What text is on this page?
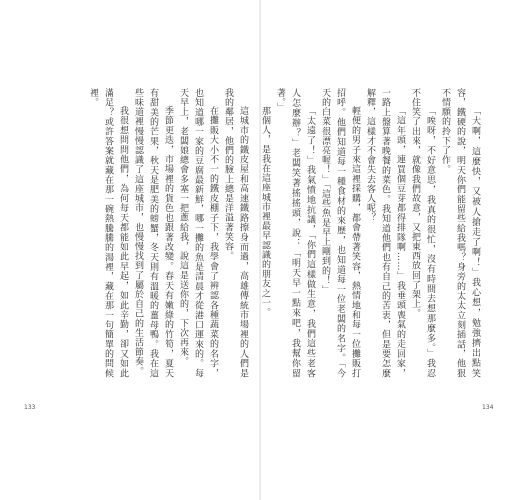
這城市的鐵皮屋和高速鐵路擦身而過，高雄傳統市場裡的人們是我的鄰居，他們的臉上總是洋溢著笑容。

在攤販大小不一的鐵皮棚子下，我學會了辨認各種蔬菜的名字，也知道哪一家的豆腐最新鮮，哪一攤的魚是清晨才從港口運來的。每天早上，老闆娘總會多塞一把蔥給我，說這是送你的，下次再來。

季節更迭，市場裡的貨色也跟著改變。春天有嫩綠的竹筍，夏天有甜美的芒果，秋天是肥美的螃蟹，冬天則有溫暖的薑母鴨。我在這些味道裡慢慢認識了這座城市，也慢慢找到了屬於自己的生活節奏。

我很想問問他們，為何每天都能如此早起，如此辛勤，卻又如此滿足？或許答案就藏在那一碗熱騰騰的湯裡，藏在那一句簡單的問候裡。

133

「大啊，這麼快，又被人搶走了啊！」我心想，勉強擠出點笑容，鐵硬的說，明天你們能留些給我嗎？身旁的太太立刻插話，他狠不情願的拎下了作。

「唉呀，不好意思，我真的很忙，沒有時間去想那麼多。」我忍不住笑了出來，就像我們故意，又把東西放回了架上。

「這年頭，連買個豆芽都得排隊啊……」我垂頭喪氣的走回家，一路上盤算著晚餐的菜色。我知道他們也有自己的苦衷，但是要怎麼解釋，這樣才不會失去客人呢？

輕便的男子來這裡採購，都會帶著笑容，熱情地和每一位攤販打招呼。他們知道每一種食材的來歷，也知道每一位老闆的名字。「今天的白菜很漂亮喔！」「這些魚是早上剛到的！」

「太遠了！」我氣憤地抗議，「你們這樣做生意，我們這些老客人怎麼辦？」老闆笑著搖搖頭，說：「明天早一點來吧，我幫你留著。」

那個人，是我在這座城市裡最早認識的朋友之一。

134
